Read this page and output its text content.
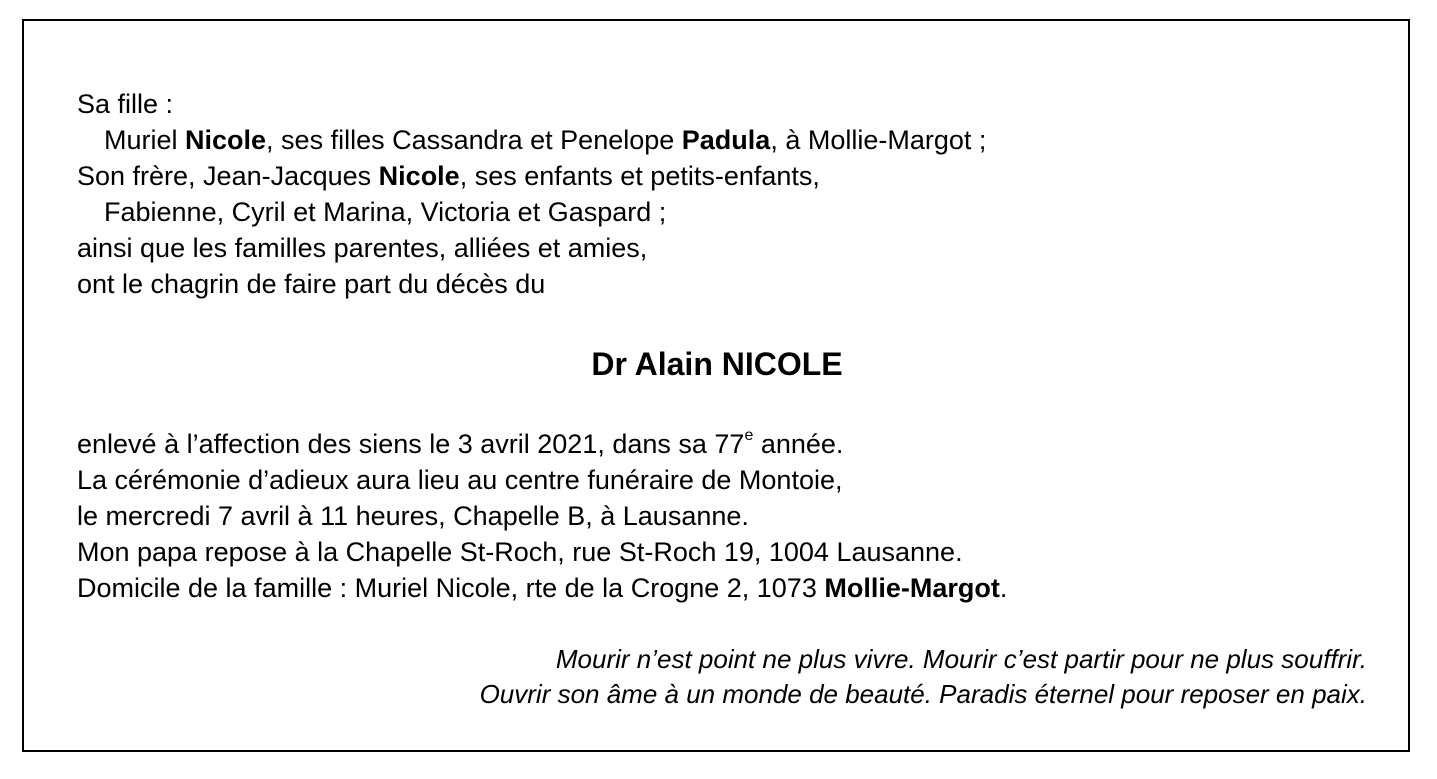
Sa fille :
Muriel Nicole, ses filles Cassandra et Penelope Padula, à Mollie-Margot ;
Son frère, Jean-Jacques Nicole, ses enfants et petits-enfants,
Fabienne, Cyril et Marina, Victoria et Gaspard ;
ainsi que les familles parentes, alliées et amies,
ont le chagrin de faire part du décès du
Dr Alain NICOLE
enlevé à l’affection des siens le 3 avril 2021, dans sa 77e année.
La cérémonie d’adieux aura lieu au centre funéraire de Montoie,
le mercredi 7 avril à 11 heures, Chapelle B, à Lausanne.
Mon papa repose à la Chapelle St-Roch, rue St-Roch 19, 1004 Lausanne.
Domicile de la famille : Muriel Nicole, rte de la Crogne 2, 1073 Mollie-Margot.
Mourir n’est point ne plus vivre. Mourir c’est partir pour ne plus souffrir.
Ouvrir son âme à un monde de beauté. Paradis éternel pour reposer en paix.
